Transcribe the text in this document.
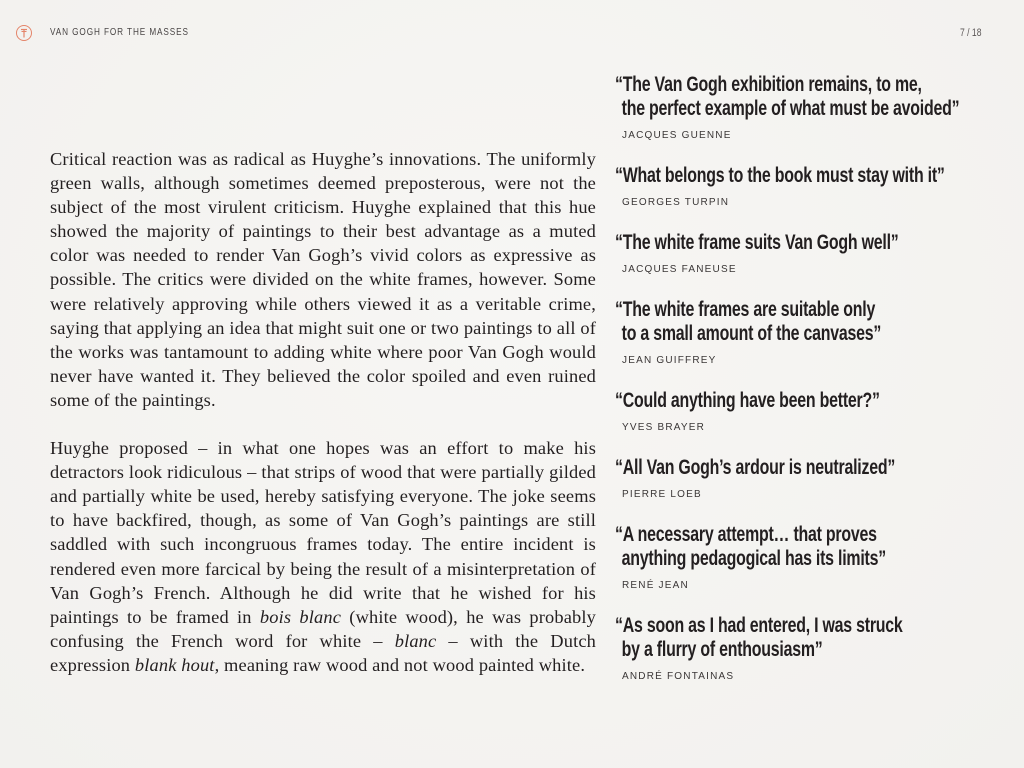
VAN GOGH FOR THE MASSES	7 / 18

Critical reaction was as radical as Huyghe’s innovations. The uniformly green walls, although sometimes deemed preposterous, were not the subject of the most virulent criticism. Huyghe explained that this hue showed the majority of paintings to their best advantage as a muted color was needed to render Van Gogh’s vivid colors as expressive as possible. The critics were divided on the white frames, however. Some were relatively approving while others viewed it as a veritable crime, saying that applying an idea that might suit one or two paintings to all of the works was tantamount to adding white where poor Van Gogh would never have wanted it. They believed the color spoiled and even ruined some of the paintings.

Huyghe proposed – in what one hopes was an effort to make his detractors look ridiculous – that strips of wood that were partially gilded and partially white be used, hereby satisfying everyone. The joke seems to have backfired, though, as some of Van Gogh’s paintings are still saddled with such incongruous frames today. The entire incident is rendered even more farcical by being the result of a misinterpretation of Van Gogh’s French. Although he did write that he wished for his paintings to be framed in bois blanc (white wood), he was probably confusing the French word for white – blanc – with the Dutch expression blank hout, meaning raw wood and not wood painted white.

“The Van Gogh exhibition remains, to me,
the perfect example of what must be avoided”
JACQUES GUENNE
“What belongs to the book must stay with it”
GEORGES TURPIN
“The white frame suits Van Gogh well”
JACQUES FANEUSE
“The white frames are suitable only
to a small amount of the canvases”
JEAN GUIFFREY
“Could anything have been better?”
YVES BRAYER
“All Van Gogh’s ardour is neutralized”
PIERRE LOEB
“A necessary attempt… that proves
anything pedagogical has its limits”
RENÉ JEAN
“As soon as I had entered, I was struck
by a flurry of enthousiasm”
ANDRÉ FONTAINAS
